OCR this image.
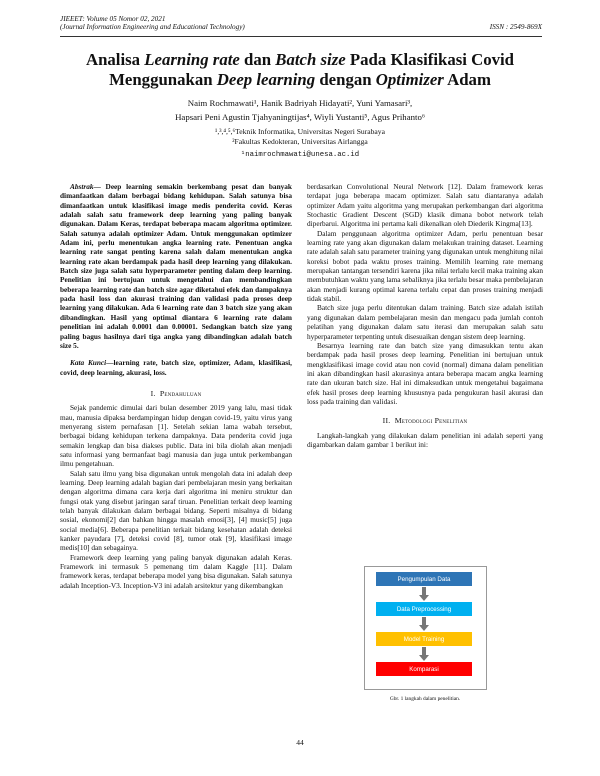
JIEEET: Volume 05 Nomor 02, 2021
(Journal Information Engineering and Educational Technology)	ISSN : 2549-869X
Analisa Learning rate dan Batch size Pada Klasifikasi Covid
Menggunakan Deep learning dengan Optimizer Adam
Naim Rochmawati¹, Hanik Badriyah Hidayati², Yuni Yamasari³,
Hapsari Peni Agustin Tjahyaningtijas⁴, Wiyli Yustanti⁵, Agus Prihanto⁶
¹,³,⁴,⁵,⁶Teknik Informatika, Universitas Negeri Surabaya
²Fakultas Kedokteran, Universitas Airlangga
¹naimrochmawati@unesa.ac.id

Abstrak— Deep learning semakin berkembang pesat dan banyak dimanfaatkan dalam berbagai bidang kehidupan. Salah satunya bisa dimanfaatkan untuk klasifikasi image medis penderita covid. Keras adalah salah satu framework deep learning yang paling banyak digunakan. Dalam Keras, terdapat beberapa macam algoritma optimizer. Salah satunya adalah optimizer Adam. Untuk menggunakan optimizer Adam ini, perlu menentukan angka learning rate. Penentuan angka learning rate sangat penting karena salah dalam menentukan angka learning rate akan berdampak pada hasil deep learning yang dilakukan. Batch size juga salah satu hyperparameter penting dalam deep learning. Penelitian ini bertujuan untuk mengetahui dan membandingkan beberapa learning rate dan batch size agar diketahui efek dan dampaknya pada hasil loss dan akurasi training dan validasi pada proses deep learning yang dilakukan. Ada 6 learning rate dan 3 batch size yang akan dibandingkan. Hasil yang optimal diantara 6 learning rate dalam penelitian ini adalah 0.0001 dan 0.00001. Sedangkan batch size yang paling bagus hasilnya dari tiga angka yang dibandingkan adalah batch size 5.

Kata Kunci—learning rate, batch size, optimizer, Adam, klasifikasi, covid, deep learning, akurasi, loss.

I. Pendahuluan

Sejak pandemic dimulai dari bulan desember 2019 yang lalu, masi tidak mau, manusia dipaksa berdampingan hidup dengan covid-19, yaitu virus yang menyerang sistem pernafasan [1]. Setelah sekian lama wabah tersebut, berbagai bidang kehidupan terkena dampaknya. Data penderita covid juga semakin lengkap dan bisa diakses public. Data ini bila diolah akan menjadi satu informasi yang bermanfaat bagi manusia dan juga untuk perkembangan ilmu pengetahuan.

Salah satu ilmu yang bisa digunakan untuk mengolah data ini adalah deep learning. Deep learning adalah bagian dari pembelajaran mesin yang berkaitan dengan algoritma dimana cara kerja dari algoritma ini meniru struktur dan fungsi otak yang disebut jaringan saraf tiruan. Penelitian terkait deep learning telah banyak dilakukan dalam berbagai bidang. Seperti misalnya di bidang sosial, ekonomi[2] dan bahkan hingga masalah emosi[3], [4] music[5] juga social media[6]. Beberapa penelitian terkait bidang kesehatan adalah deteksi kanker payudara [7], deteksi covid [8], tumor otak [9], klasifikasi image medis[10] dan sebagainya.

Framework deep learning yang paling banyak digunakan adalah Keras. Framework ini termasuk 5 pemenang tim dalam Kaggle [11]. Dalam framework keras, terdapat beberapa model yang bisa digunakan. Salah satunya adalah Inception-V3. Inception-V3 ini adalah arsitektur yang dikembangkan

berdasarkan Convolutional Neural Network [12]. Dalam framework keras terdapat juga beberapa macam optimizer. Salah satu diantaranya adalah optimizer Adam yaitu algoritma yang merupakan perkembangan dari algoritma Stochastic Gradient Descent (SGD) klasik dimana bobot network telah diperbarui. Algoritma ini pertama kali dikenalkan oleh Diederik Kingma[13].

Dalam penggunaan algoritma optimizer Adam, perlu penentuan besar learning rate yang akan digunakan dalam melakukan training dataset. Learning rate adalah salah satu parameter training yang digunakan untuk menghitung nilai koreksi bobot pada waktu proses training. Memilih learning rate memang merupakan tantangan tersendiri karena jika nilai terlalu kecil maka training akan membutuhkan waktu yang lama sebaliknya jika terlalu besar maka pembelajaran akan menjadi kurang optimal karena terlalu cepat dan proses training menjadi tidak stabil.

Batch size juga perlu ditentukan dalam training. Batch size adalah istilah yang digunakan dalam pembelajaran mesin dan mengacu pada jumlah contoh pelatihan yang digunakan dalam satu iterasi dan merupakan salah satu hyperparameter terpenting untuk disesuaikan dengan sistem deep learning.

Besarnya learning rate dan batch size yang dimasukkan tentu akan berdampak pada hasil proses deep learning. Penelitian ini bertujuan untuk mengklasifikasi image covid atau non covid (normal) dimana dalam penelitian ini akan dibandingkan hasil akurasinya antara beberapa macam angka learning rate dan ukuran batch size. Hal ini dimaksudkan untuk mengetahui bagaimana efek hasil proses deep learning khususnya pada pengukuran hasil akurasi dan loss pada training dan validasi.

II. Metodologi Penelitian

Langkah-langkah yang dilakukan dalam penelitian ini adalah seperti yang digambarkan dalam gambar 1 berikut ini:

Pengumpulan Data
Data Preprocessing
Model Training
Komparasi
Gbr. 1 langkah dalam penelitian.
44
